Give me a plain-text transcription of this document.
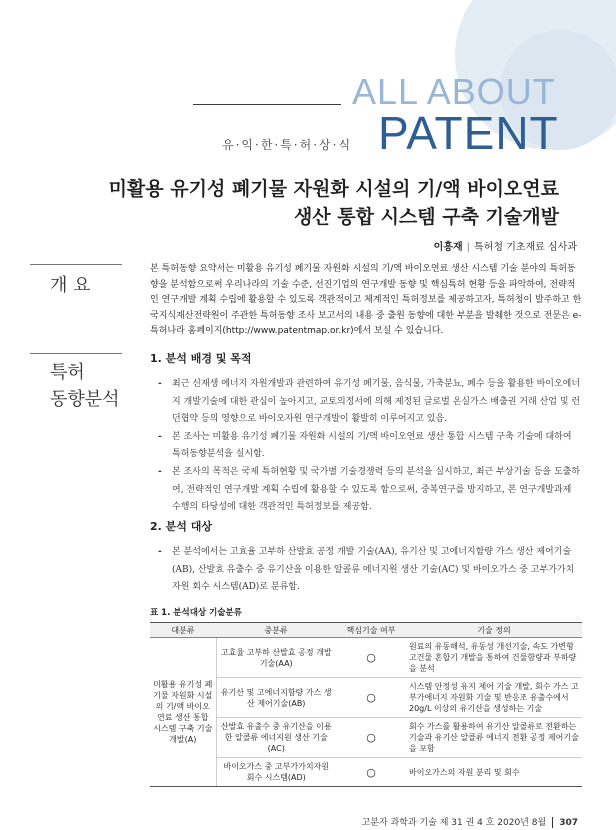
ALL ABOUT
PATENT
유·익·한·특·허·상·식
미활용 유기성 폐기물 자원화 시설의 기/액 바이오연료
생산 통합 시스템 구축 기술개발
이흥재 | 특허청 기초재료 심사과
개 요
특허
동향분석

본 특허동향 요약서는 미활용 유기성 폐기물 자원화 시설의 기/액 바이오연료 생산 시스템 기술 분야의 특허동향을 분석함으로써 우리나라의 기술 수준, 선진기업의 연구개발 동향 및 핵심특허 현황 등을 파악하여, 전략적인 연구개발 계획 수립에 활용할 수 있도록 객관적이고 체계적인 특허정보를 제공하고자, 특허청이 발주하고 한국지식재산전략원이 주관한 특허동향 조사 보고서의 내용 중 출원 동향에 대한 부분을 발췌한 것으로 전문은 e-특허나라 홈페이지(http://www.patentmap.or.kr)에서 보실 수 있습니다.

1. 분석 배경 및 목적
- 최근 신재생 에너지 자원개발과 관련하여 유기성 폐기물, 음식물, 가축분뇨, 폐수 등을 활용한 바이오에너지 개발기술에 대한 관심이 높아지고, 교토의정서에 의해 제정된 글로벌 온실가스 배출권 거래 산업 및 런던협약 등의 영향으로 바이오자원 연구개발이 활발히 이루어지고 있음.
- 본 조사는 미활용 유기성 폐기물 자원화 시설의 기/액 바이오연료 생산 통합 시스템 구축 기술에 대하여 특허동향분석을 실시함.
- 본 조사의 목적은 국제 특허현황 및 국가별 기술경쟁력 등의 분석을 실시하고, 최근 부상기술 등을 도출하여, 전략적인 연구개발 계획 수립에 활용할 수 있도록 함으로써, 중복연구를 방지하고, 본 연구개발과제 수행의 타당성에 대한 객관적인 특허정보를 제공함.
2. 분석 대상
- 본 분석에서는 고효율 고부하 산발효 공정 개발 기술(AA), 유기산 및 고에너지함량 가스 생산 제어기술(AB), 산발효 유출수 중 유기산을 이용한 알콜류 에너지원 생산 기술(AC) 및 바이오가스 중 고부가가치자원 회수 시스템(AD)로 분류함.
표 1. 분석대상 기술분류
대분류	중분류	핵심기술 여부	기술 정의
미활용 유기성 폐기물 자원화 시설의 기/액 바이오연료 생산 통합 시스템 구축 기술개발(A)	고효율 고부하 산발효 공정 개발 기술(AA)	○	원료의 유동해석, 유동성 개선기술, 속도 가변형 고건물 혼합기 개발을 통하여 건물함량과 부하량을 분석
	유기산 및 고에너지함량 가스 생산 제어기술(AB)	○	시스템 안정성 유지 제어 기술 개발, 회수 가스 고부가에너지 자원화 기술 및 반응조 유출수에서 20g/L 이상의 유기산을 생성하는 기술
	산발효 유출수 중 유기산을 이용한 알콜류 에너지원 생산 기술(AC)	○	회수 가스를 활용하여 유기산 알콜류로 전환하는 기술과 유기산 알콜류 에너지 전환 공정 제어기술을 포함
	바이오가스 중 고부가가치자원 회수 시스템(AD)	○	바이오가스의 자원 분리 및 회수
고분자 과학과 기술 제 31 권 4 호 2020년 8월 307
